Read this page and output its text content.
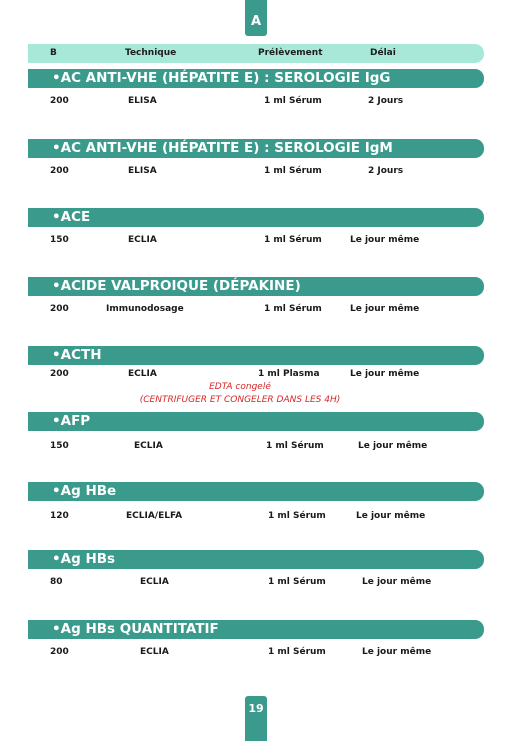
A
B	Technique	Prélèvement	Délai
•AC ANTI-VHE (HÉPATITE E) : SEROLOGIE IgG
200	ELISA	1 ml Sérum	2 Jours
•AC ANTI-VHE (HÉPATITE E) : SEROLOGIE IgM
200	ELISA	1 ml Sérum	2 Jours
•ACE
150	ECLIA	1 ml Sérum	Le jour même
•ACIDE VALPROIQUE (DÉPAKINE)
200	Immunodosage	1 ml Sérum	Le jour même
•ACTH
200	ECLIA	1 ml Plasma	Le jour même
EDTA congelé
(CENTRIFUGER ET CONGELER DANS LES 4H)
•AFP
150	ECLIA	1 ml Sérum	Le jour même
•Ag HBe
120	ECLIA/ELFA	1 ml Sérum	Le jour même
•Ag HBs
80	ECLIA	1 ml Sérum	Le jour même
•Ag HBs QUANTITATIF
200	ECLIA	1 ml Sérum	Le jour même
19
